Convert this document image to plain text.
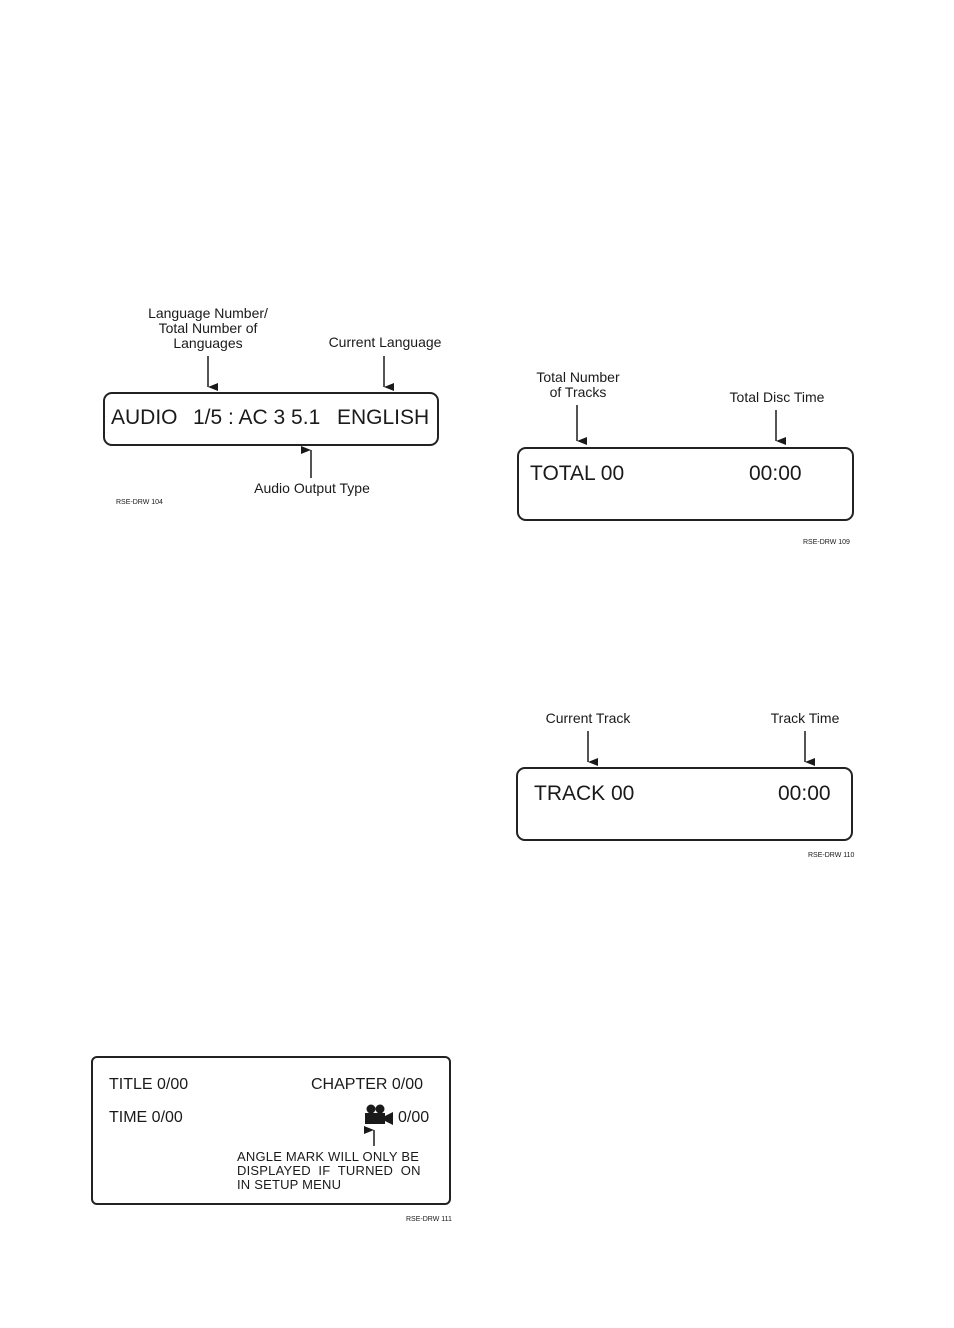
Language Number/
Total Number of
Languages	Current Language
AUDIO 1/5 : AC 3 5.1 ENGLISH
Audio Output Type
RSE-DRW 104
Total Number
of Tracks	Total Disc Time
TOTAL 00	00:00
RSE-DRW 109
Current Track	Track Time
TRACK 00	00:00
RSE-DRW 110
TITLE 0/00	CHAPTER 0/00
TIME 0/00	0/00
ANGLE MARK WILL ONLY BE
DISPLAYED  IF  TURNED  ON
IN SETUP MENU
RSE-DRW 111
